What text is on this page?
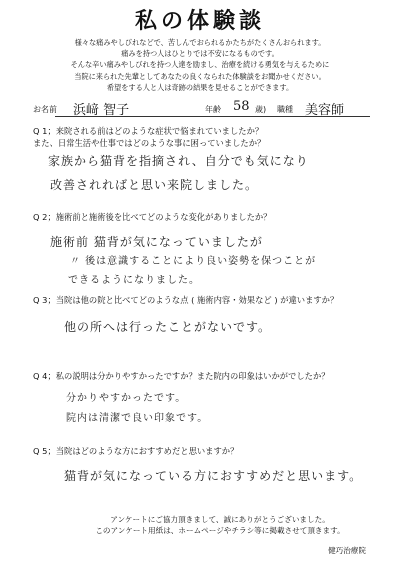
私の体験談
様々な痛みやしびれなどで、苦しんでおられるかたちがたくさんおられます。
痛みを持つ人はひとりでは不安になるものです。
そんな辛い痛みやしびれを持つ人達を励まし、治療を続ける勇気を与えるために
当院に来られた先輩としてあなたの良くなられた体験談をお聞かせください。
希望をする人と人は奇跡の結果を見せることができます。
お名前 浜﨑 智子	年齢 58 歳) 職種 美容師
Q 1；来院される前はどのような症状で悩まれていましたか？
また、日常生活や仕事ではどのような事に困っていましたか？
家族から猫背を指摘され、自分でも気になり
改善されればと思い来院しました。
Q 2；施術前と施術後を比べてどのような変化がありましたか？
施術前 猫背が気になっていましたが
〃 後は意識することにより良い姿勢を保つことが
できるようになりました。
Q 3；当院は他の院と比べてどのような点 ( 施術内容・効果など ) が違いますか？
他の所へは行ったことがないです。
Q 4；私の説明は分かりやすかったですか？また院内の印象はいかがでしたか？
分かりやすかったです。
院内は清潔で良い印象です。
Q 5；当院はどのような方におすすめだと思いますか？
猫背が気になっている方におすすめだと思います。
アンケートにご協力頂きまして、誠にありがとうございました。
このアンケート用紙は、ホームページやチラシ等に掲載させて頂きます。
健巧治療院
